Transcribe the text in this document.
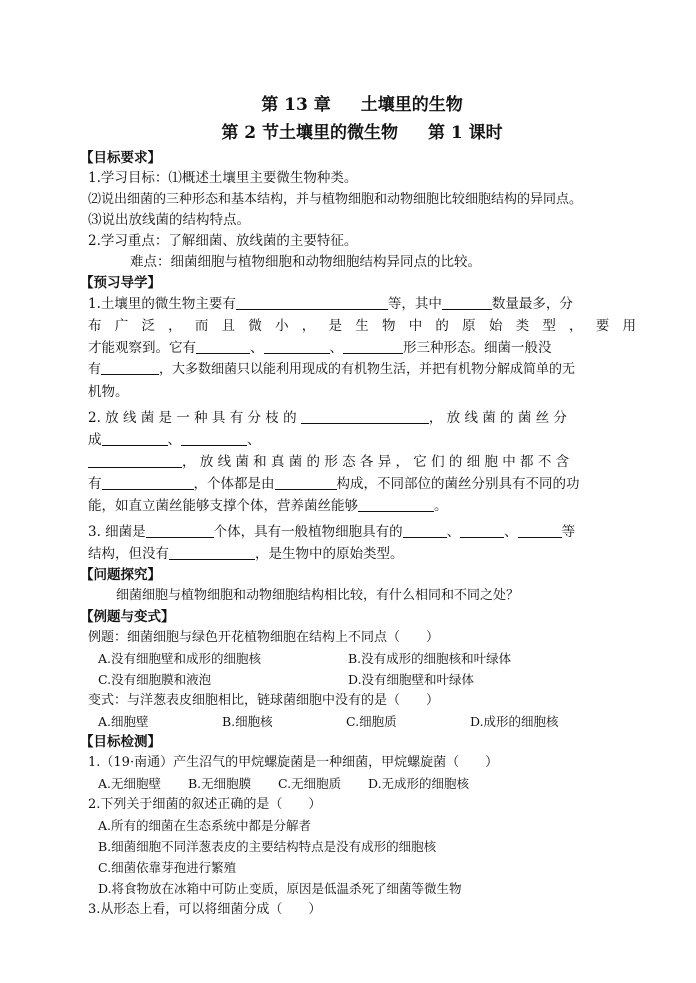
第 13 章 土壤里的生物
第 2 节土壤里的微生物 第 1 课时
【目标要求】
1.学习目标：⑴概述土壤里主要微生物种类。
⑵说出细菌的三种形态和基本结构，并与植物细胞和动物细胞比较细胞结构的异同点。
⑶说出放线菌的结构特点。
2.学习重点：了解细菌、放线菌的主要特征。
难点：细菌细胞与植物细胞和动物细胞结构异同点的比较。
【预习导学】
1.土壤里的微生物主要有	等，其中	数量最多，分
布 广 泛 ， 而 且 微 小 ， 是 生 物 中 的 原 始 类 型 ， 要 用
才能观察到。它有	、	、	形三种形态。细菌一般没
有	，大多数细菌只以能利用现成的有机物生活，并把有机物分解成简单的无
机物。
2. 放 线 菌 是 一 种 具 有 分 枝 的	， 放 线 菌 的 菌 丝 分
成	、	、
， 放 线 菌 和 真 菌 的 形 态 各 异 ， 它 们 的 细 胞 中 都 不 含
有	，个体都是由	构成，不同部位的菌丝分别具有不同的功
能，如直立菌丝能够支撑个体，营养菌丝能够	。
3. 细菌是	个体，具有一般植物细胞具有的	、	、	等
结构，但没有	，是生物中的原始类型。
【问题探究】
细菌细胞与植物细胞和动物细胞结构相比较，有什么相同和不同之处？
【例题与变式】
例题：细菌细胞与绿色开花植物细胞在结构上不同点（　　）
A.没有细胞壁和成形的细胞核	B.没有成形的细胞核和叶绿体
C.没有细胞膜和液泡	D.没有细胞壁和叶绿体
变式：与洋葱表皮细胞相比，链球菌细胞中没有的是（　　）
A.细胞壁	B.细胞核	C.细胞质	D.成形的细胞核
【目标检测】
1.（19·南通）产生沼气的甲烷螺旋菌是一种细菌，甲烷螺旋菌（　　）
A.无细胞壁	B.无细胞膜	C.无细胞质	D.无成形的细胞核
2.下列关于细菌的叙述正确的是（　　）
A.所有的细菌在生态系统中都是分解者
B.细菌细胞不同洋葱表皮的主要结构特点是没有成形的细胞核
C.细菌依靠芽孢进行繁殖
D.将食物放在冰箱中可防止变质，原因是低温杀死了细菌等微生物
3.从形态上看，可以将细菌分成（　　）
